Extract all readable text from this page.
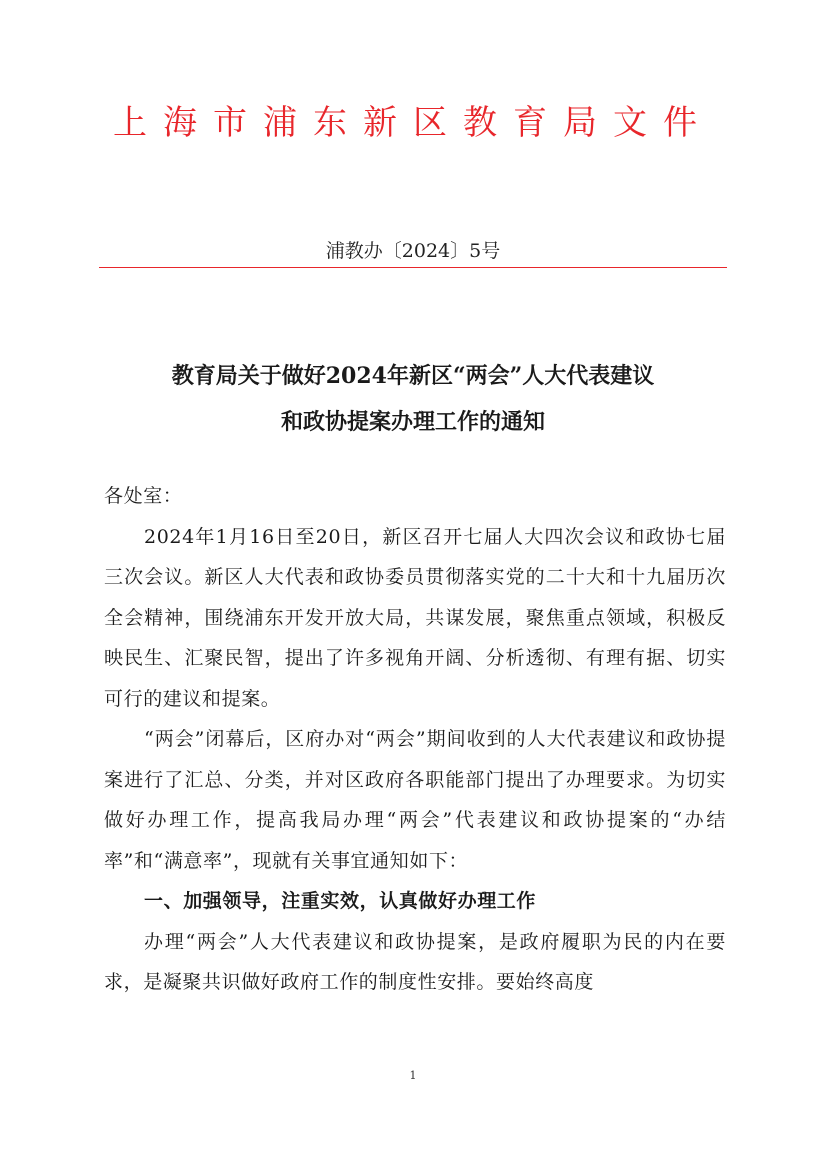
上海市浦东新区教育局文件
浦教办〔2024〕5号
教育局关于做好2024年新区“两会”人大代表建议
和政协提案办理工作的通知

各处室：

2024年1月16日至20日，新区召开七届人大四次会议和政协七届三次会议。新区人大代表和政协委员贯彻落实党的二十大和十九届历次全会精神，围绕浦东开发开放大局，共谋发展，聚焦重点领域，积极反映民生、汇聚民智，提出了许多视角开阔、分析透彻、有理有据、切实可行的建议和提案。

“两会”闭幕后，区府办对“两会”期间收到的人大代表建议和政协提案进行了汇总、分类，并对区政府各职能部门提出了办理要求。为切实做好办理工作，提高我局办理“两会”代表建议和政协提案的“办结率”和“满意率”，现就有关事宜通知如下：

一、加强领导，注重实效，认真做好办理工作

办理“两会”人大代表建议和政协提案，是政府履职为民的内在要求，是凝聚共识做好政府工作的制度性安排。要始终高度

1
